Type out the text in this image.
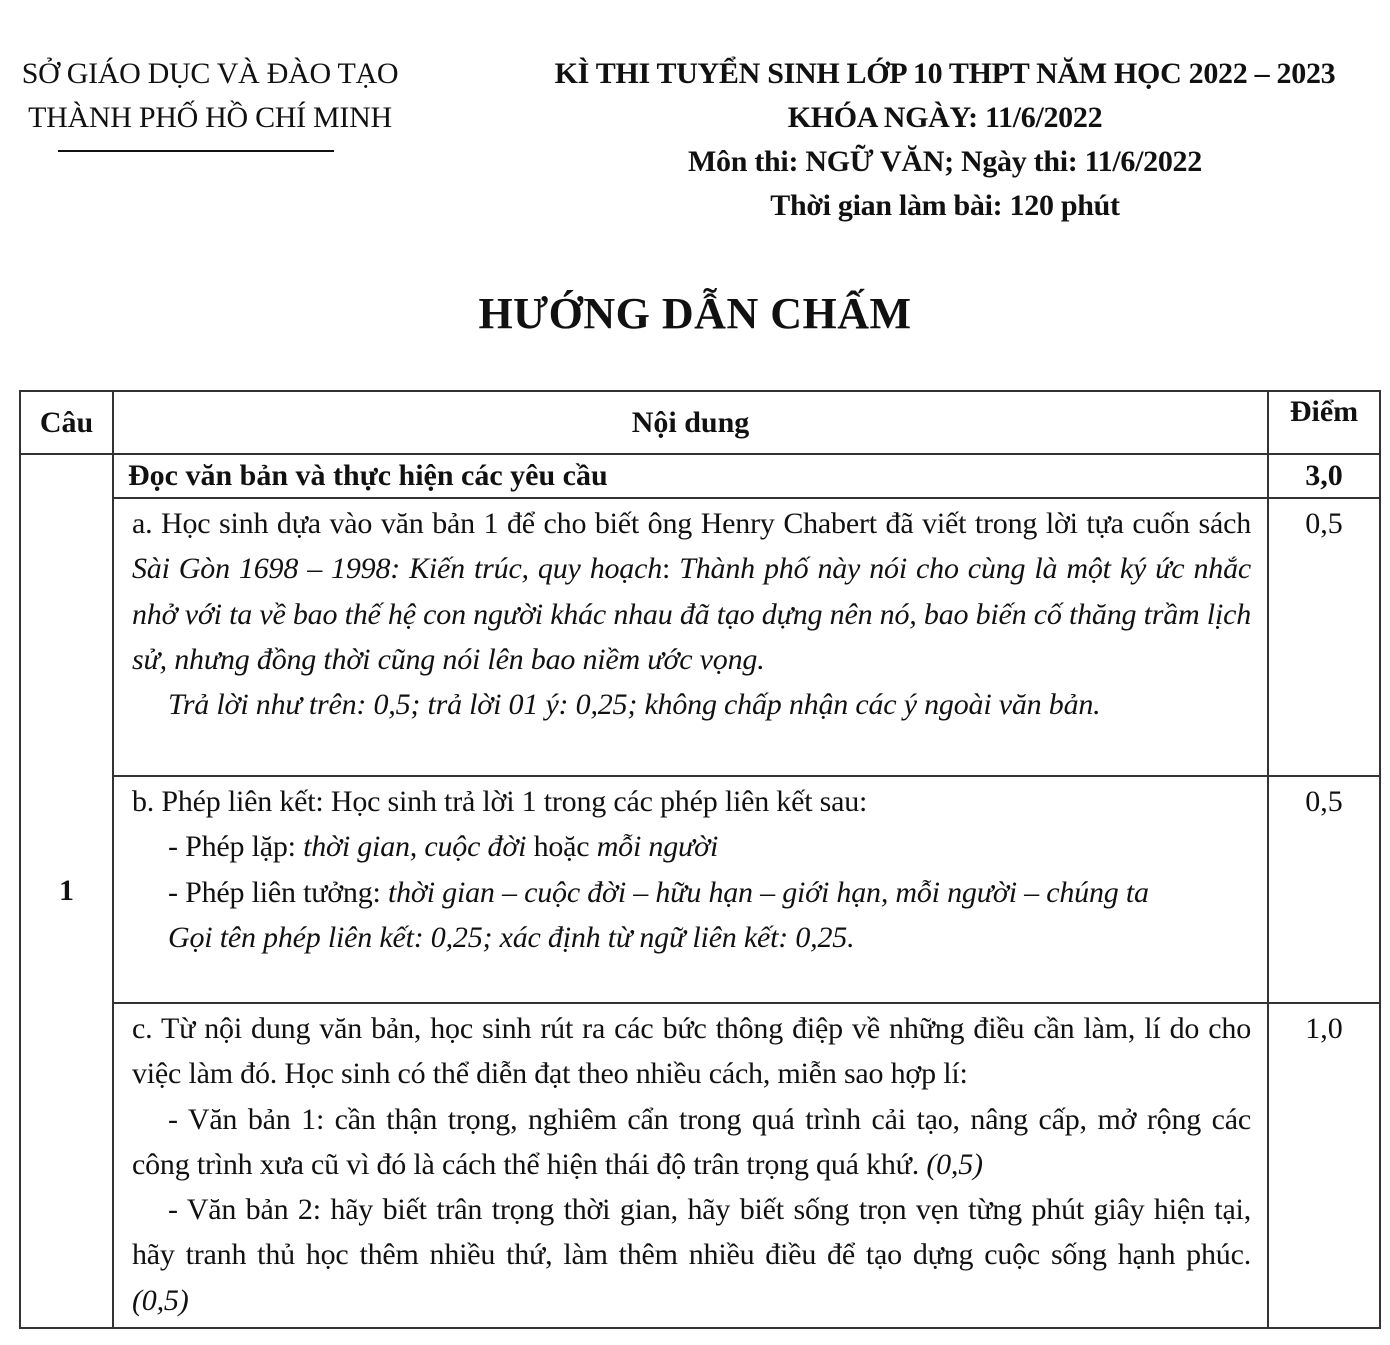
SỞ GIÁO DỤC VÀ ĐÀO TẠO
THÀNH PHỐ HỒ CHÍ MINH
KÌ THI TUYỂN SINH LỚP 10 THPT NĂM HỌC 2022 – 2023
KHÓA NGÀY: 11/6/2022
Môn thi: NGỮ VĂN; Ngày thi: 11/6/2022
Thời gian làm bài: 120 phút
HƯỚNG DẪN CHẤM
Câu	Nội dung	Điểm
1	Đọc văn bản và thực hiện các yêu cầu	3,0

	a. Học sinh dựa vào văn bản 1 để cho biết ông Henry Chabert đã viết trong lời tựa cuốn sách Sài Gòn 1698 – 1998: Kiến trúc, quy hoạch: Thành phố này nói cho cùng là một ký ức nhắc nhở với ta về bao thế hệ con người khác nhau đã tạo dựng nên nó, bao biến cố thăng trầm lịch sử, nhưng đồng thời cũng nói lên bao niềm ước vọng.

Trả lời như trên: 0,5; trả lời 01 ý: 0,25; không chấp nhận các ý ngoài văn bản.	0,5

	b. Phép liên kết: Học sinh trả lời 1 trong các phép liên kết sau:

- Phép lặp: thời gian, cuộc đời hoặc mỗi người

- Phép liên tưởng: thời gian – cuộc đời – hữu hạn – giới hạn, mỗi người – chúng ta

Gọi tên phép liên kết: 0,25; xác định từ ngữ liên kết: 0,25.	0,5

	c. Từ nội dung văn bản, học sinh rút ra các bức thông điệp về những điều cần làm, lí do cho việc làm đó. Học sinh có thể diễn đạt theo nhiều cách, miễn sao hợp lí:

- Văn bản 1: cần thận trọng, nghiêm cẩn trong quá trình cải tạo, nâng cấp, mở rộng các công trình xưa cũ vì đó là cách thể hiện thái độ trân trọng quá khứ. (0,5)

- Văn bản 2: hãy biết trân trọng thời gian, hãy biết sống trọn vẹn từng phút giây hiện tại, hãy tranh thủ học thêm nhiều thứ, làm thêm nhiều điều để tạo dựng cuộc sống hạnh phúc. (0,5)	1,0
